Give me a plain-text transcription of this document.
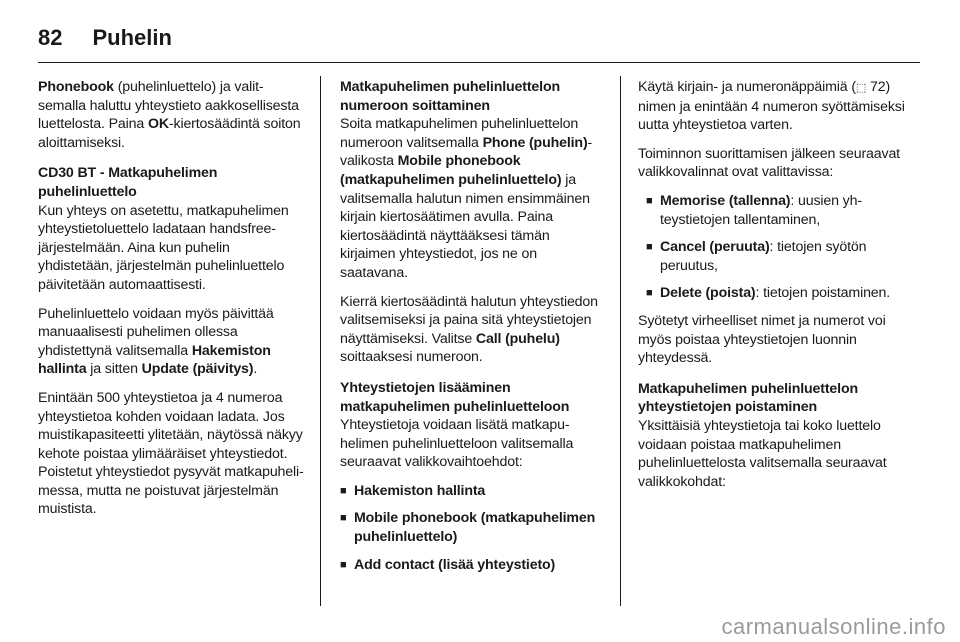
82 Puhelin

Phonebook (puhelinluettelo) ja valitsemalla haluttu yhteystieto aakkosellisesta luettelosta. Paina OK-kiertosäädintä soiton aloittamiseksi.

CD30 BT - Matkapuhelimen puhelinluettelo

Kun yhteys on asetettu, matkapuhelimen yhteystietoluettelo ladataan handsfree-järjestelmään. Aina kun puhelin yhdistetään, järjestelmän puhelinluettelo päivitetään automaattisesti.

Puhelinluettelo voidaan myös päivittää manuaalisesti puhelimen ollessa yhdistettynä valitsemalla Hakemiston hallinta ja sitten Update (päivitys).

Enintään 500 yhteystietoa ja 4 numeroa yhteystietoa kohden voidaan ladata. Jos muistikapasiteetti ylitetään, näytössä näkyy kehote poistaa ylimääräiset yhteystiedot. Poistetut yhteystiedot pysyvät matkapuhelimessa, mutta ne poistuvat järjestelmän muistista.

Matkapuhelimen puhelinluettelon numeroon soittaminen

Soita matkapuhelimen puhelinluettelon numeroon valitsemalla Phone (puhelin)-valikosta Mobile phonebook (matkapuhelimen puhelinluettelo) ja valitsemalla halutun nimen ensimmäinen kirjain kiertosäätimen avulla. Paina kiertosäädintä näyttääksesi tämän kirjaimen yhteystiedot, jos ne on saatavana.

Kierrä kiertosäädintä halutun yhteystiedon valitsemiseksi ja paina sitä yhteystietojen näyttämiseksi. Valitse Call (puhelu) soittaaksesi numeroon.

Yhteystietojen lisääminen matkapuhelimen puhelinluetteloon

Yhteystietoja voidaan lisätä matkapuhelimen puhelinluetteloon valitsemalla seuraavat valikkovaihtoehdot:

■ Hakemiston hallinta
■ Mobile phonebook (matkapuhelimen puhelinluettelo)
■ Add contact (lisää yhteystieto)

Käytä kirjain- ja numeronäppäimiä (⬚ 72) nimen ja enintään 4 numeron syöttämiseksi uutta yhteystietoa varten.

Toiminnon suorittamisen jälkeen seuraavat valikkovalinnat ovat valittavissa:

■ Memorise (tallenna): uusien yhteystietojen tallentaminen,
■ Cancel (peruuta): tietojen syötön peruutus,
■ Delete (poista): tietojen poistaminen.

Syötetyt virheelliset nimet ja numerot voi myös poistaa yhteystietojen luonnin yhteydessä.

Matkapuhelimen puhelinluettelon yhteystietojen poistaminen

Yksittäisiä yhteystietoja tai koko luettelo voidaan poistaa matkapuhelimen puhelinluettelosta valitsemalla seuraavat valikkokohdat:

carmanualsonline.info
